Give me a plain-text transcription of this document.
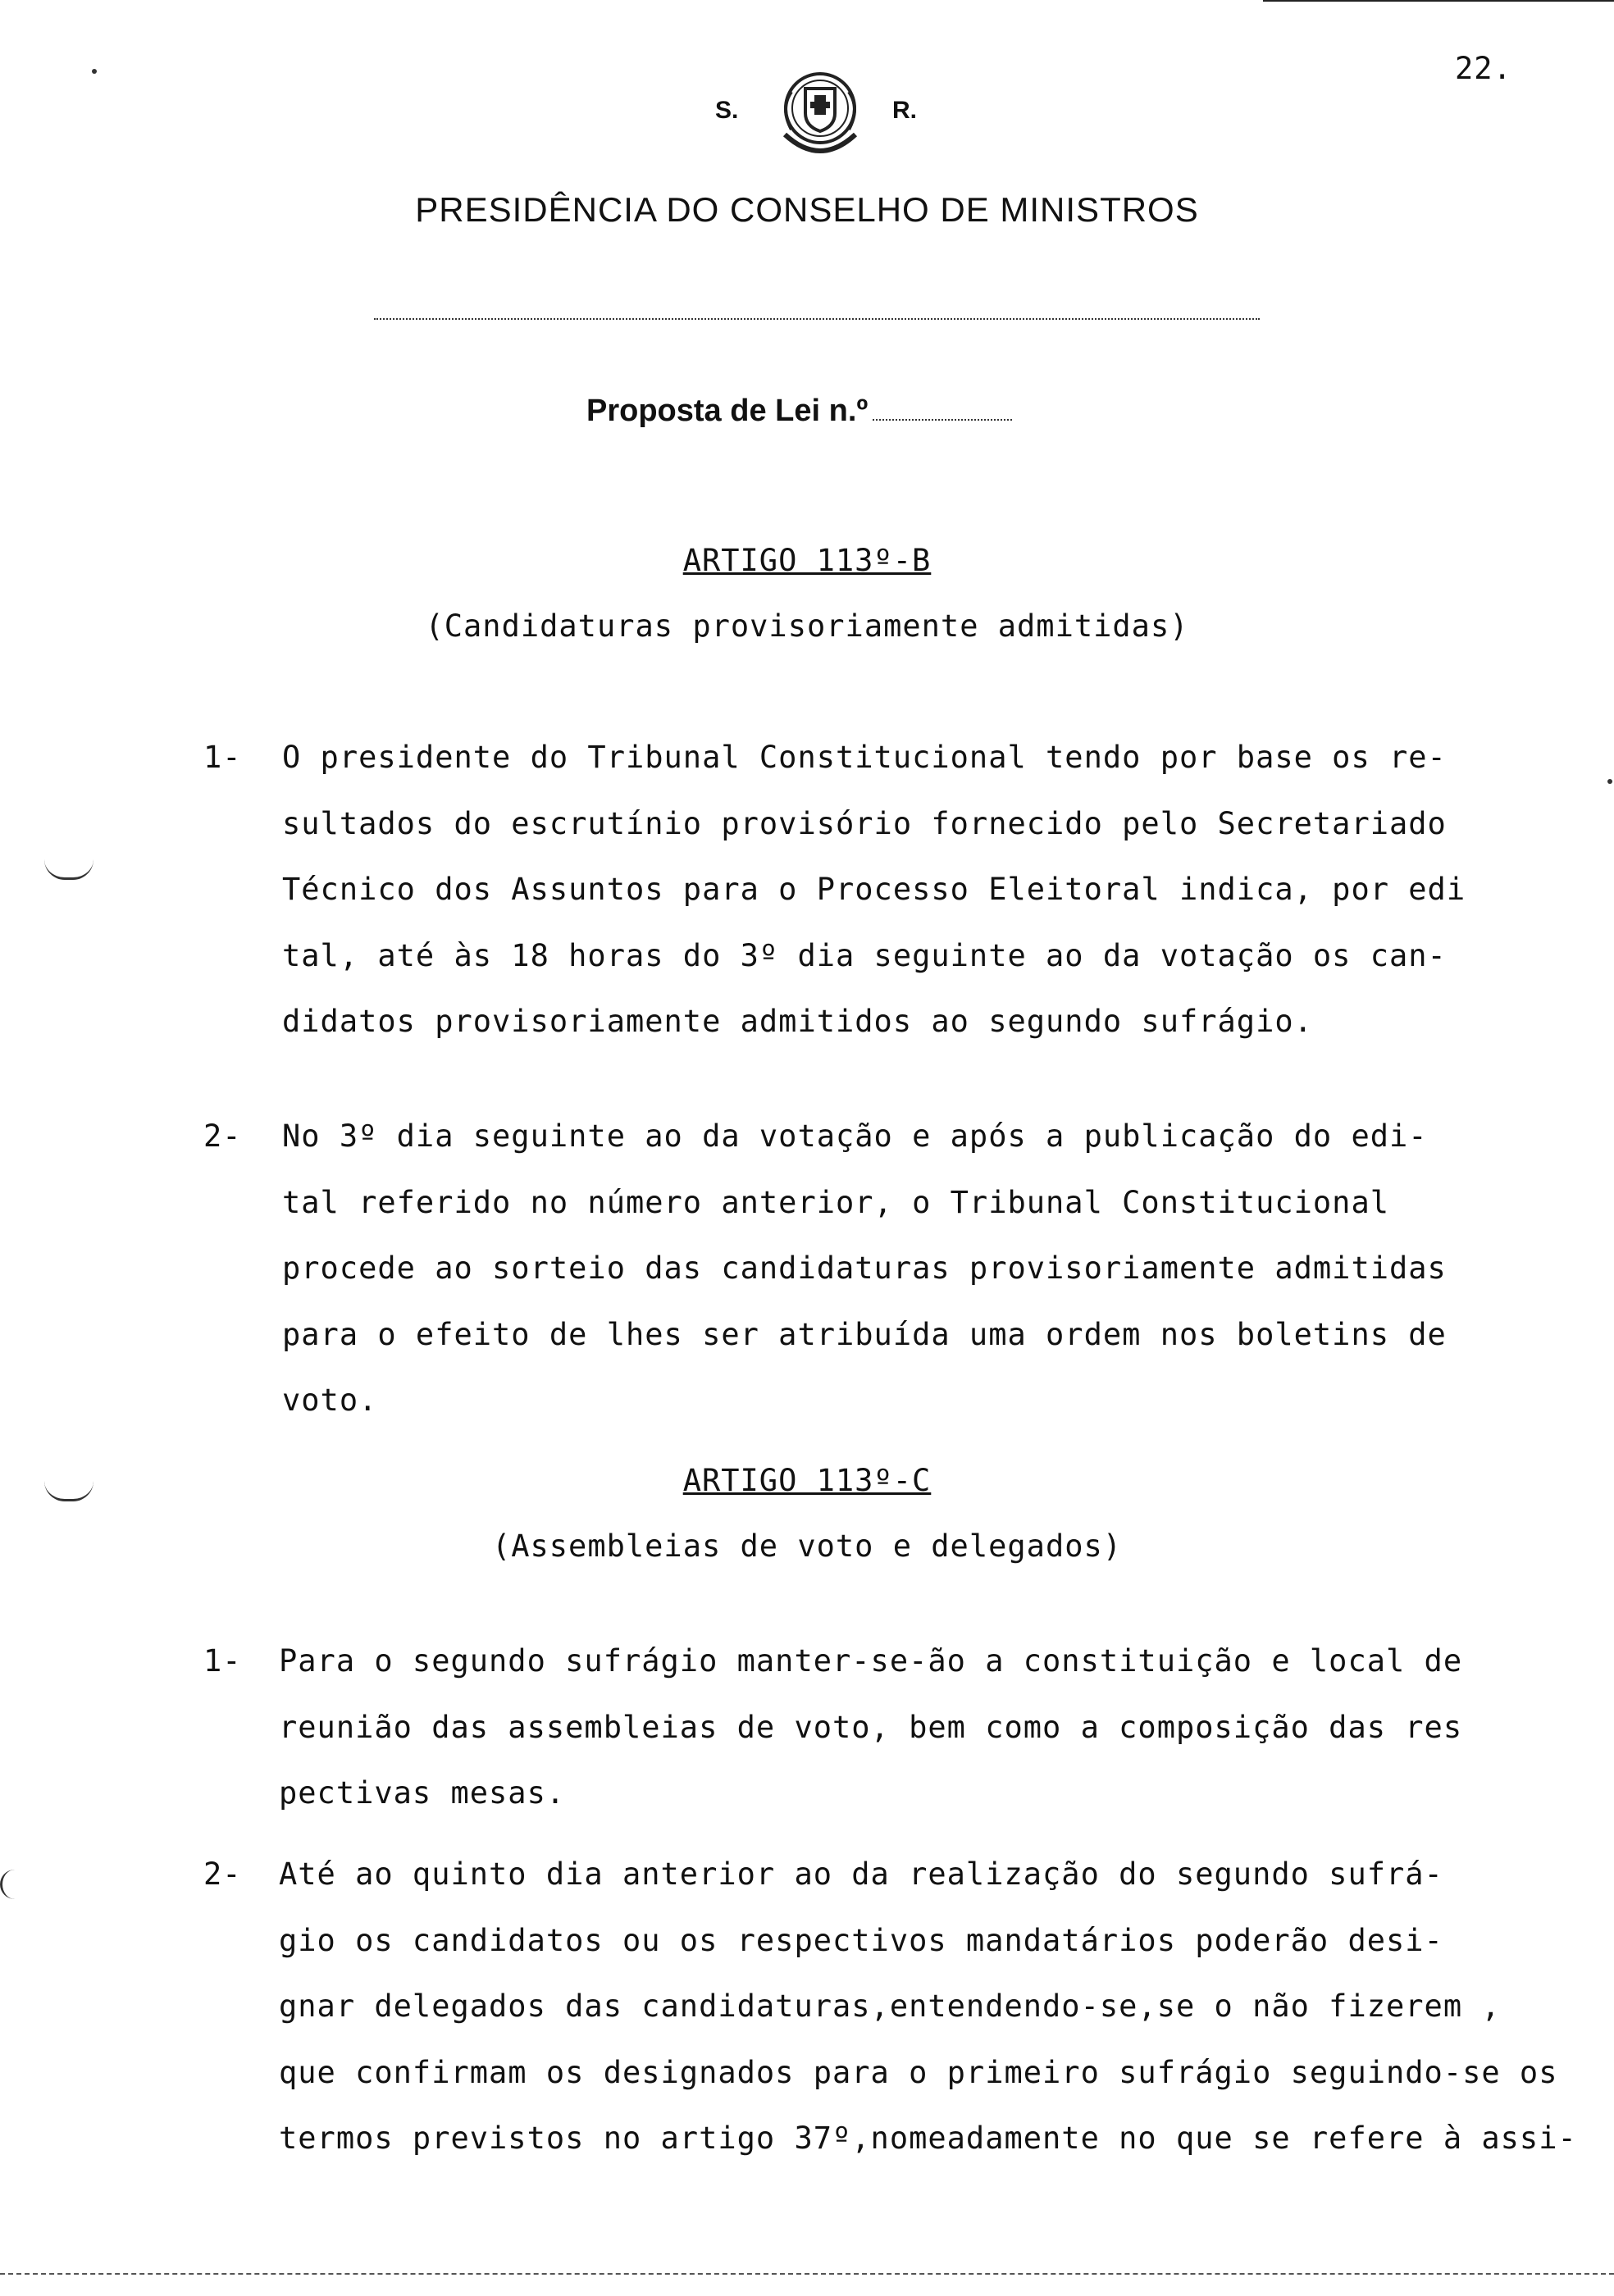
22.
S.	R.
PRESIDÊNCIA DO CONSELHO DE MINISTROS
Proposta de Lei n.º
ARTIGO 113º-B
(Candidaturas provisoriamente admitidas)
1- O presidente do Tribunal Constitucional tendo por base os re-
sultados do escrutínio provisório fornecido pelo Secretariado
Técnico dos Assuntos para o Processo Eleitoral indica, por edi
tal, até às 18 horas do 3º dia seguinte ao da votação os can-
didatos provisoriamente admitidos ao segundo sufrágio.
2- No 3º dia seguinte ao da votação e após a publicação do edi-
tal referido no número anterior, o Tribunal Constitucional
procede ao sorteio das candidaturas provisoriamente admitidas
para o efeito de lhes ser atribuída uma ordem nos boletins de
voto.
ARTIGO 113º-C
(Assembleias de voto e delegados)
1- Para o segundo sufrágio manter-se-ão a constituição e local de
reunião das assembleias de voto, bem como a composição das res
pectivas mesas.
2- Até ao quinto dia anterior ao da realização do segundo sufrá-
gio os candidatos ou os respectivos mandatários poderão desi-
gnar delegados das candidaturas,entendendo-se,se o não fizerem ,
que confirmam os designados para o primeiro sufrágio seguindo-se os
termos previstos no artigo 37º,nomeadamente no que se refere à assi-
